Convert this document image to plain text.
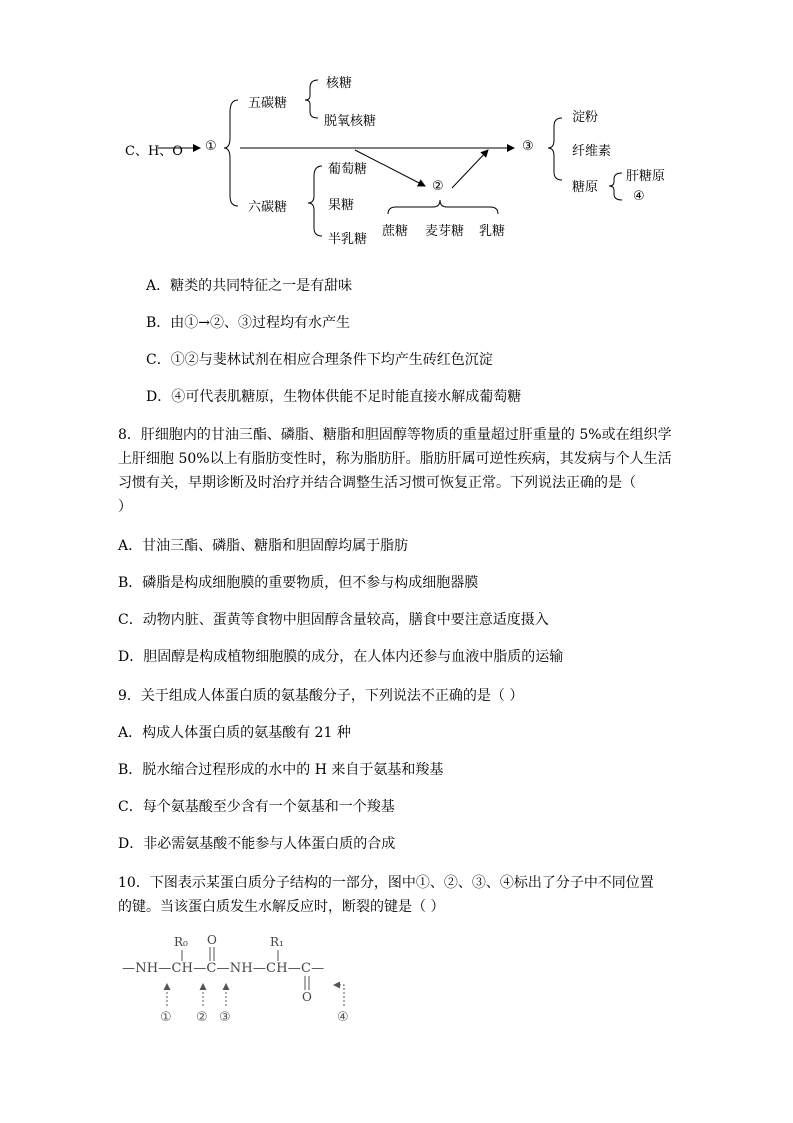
C、H、O ①
五碳糖
核糖
脱氧核糖
六碳糖
葡萄糖
果糖
半乳糖
②
蔗糖 麦芽糖 乳糖
③
淀粉
纤维素
糖原
肝糖原
④
A．糖类的共同特征之一是有甜味
B．由①→②、③过程均有水产生
C．①②与斐林试剂在相应合理条件下均产生砖红色沉淀
D．④可代表肌糖原，生物体供能不足时能直接水解成葡萄糖
8．肝细胞内的甘油三酯、磷脂、糖脂和胆固醇等物质的重量超过肝重量的 5%或在组织学
上肝细胞 50%以上有脂肪变性时，称为脂肪肝。脂肪肝属可逆性疾病，其发病与个人生活
习惯有关，早期诊断及时治疗并结合调整生活习惯可恢复正常。下列说法正确的是（
）
A．甘油三酯、磷脂、糖脂和胆固醇均属于脂肪
B．磷脂是构成细胞膜的重要物质，但不参与构成细胞器膜
C．动物内脏、蛋黄等食物中胆固醇含量较高，膳食中要注意适度摄入
D．胆固醇是构成植物细胞膜的成分，在人体内还参与血液中脂质的运输
9．关于组成人体蛋白质的氨基酸分子，下列说法不正确的是（ ）
A．构成人体蛋白质的氨基酸有 21 种
B．脱水缩合过程形成的水中的 H 来自于氨基和羧基
C．每个氨基酸至少含有一个氨基和一个羧基
D．非必需氨基酸不能参与人体蛋白质的合成
10．下图表示某蛋白质分子结构的一部分，图中①、②、③、④标出了分子中不同位置
的键。当该蛋白质发生水解反应时，断裂的键是（ ）
R₀ O	R₁
—NH—CH—C—NH—CH—C—
O
① ② ③	④
